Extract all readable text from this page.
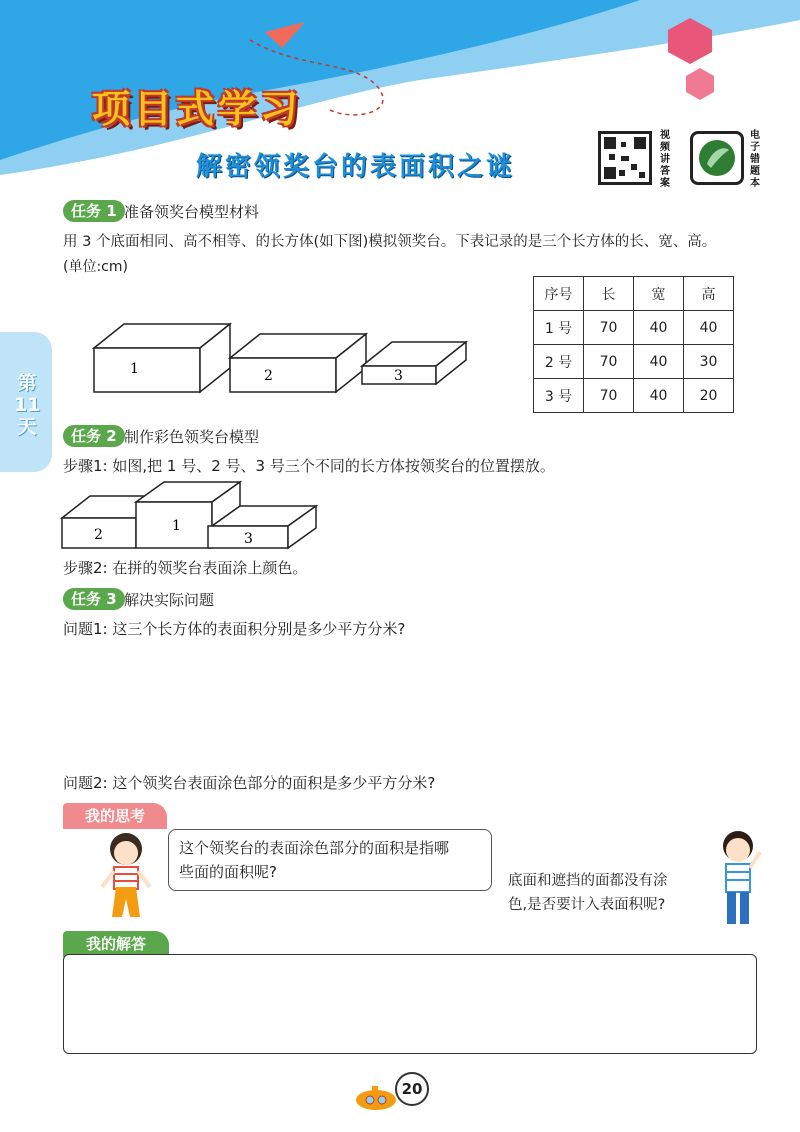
项目式学习
解密领奖台的表面积之谜
视频讲答案
电子错题本
第11天
任务 1 准备领奖台模型材料
用 3 个底面相同、高不相等、的长方体(如下图)模拟领奖台。下表记录的是三个长方体的长、宽、高。
(单位:cm)
1	2	3
序号	长	宽	高
1 号	70	40	40
2 号	70	40	30
3 号	70	40	20
任务 2 制作彩色领奖台模型
步骤1: 如图,把 1 号、2 号、3 号三个不同的长方体按领奖台的位置摆放。
2
1
3
步骤2: 在拼的领奖台表面涂上颜色。
任务 3 解决实际问题
问题1: 这三个长方体的表面积分别是多少平方分米?
问题2: 这个领奖台表面涂色部分的面积是多少平方分米?
我的思考
这个领奖台的表面涂色部分的面积是指哪
些面的面积呢?	底面和遮挡的面都没有涂
色,是否要计入表面积呢?
我的解答
20
